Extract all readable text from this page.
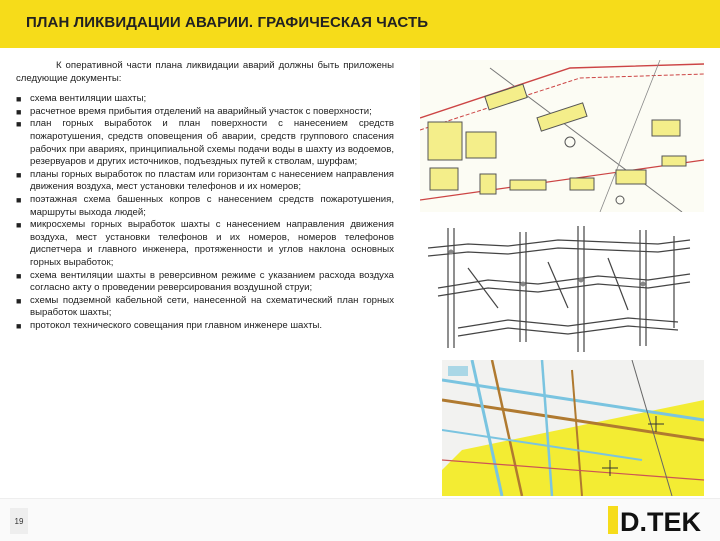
ПЛАН ЛИКВИДАЦИИ АВАРИИ. ГРАФИЧЕСКАЯ ЧАСТЬ

К оперативной части плана ликвидации аварий должны быть приложены следующие документы:

■ схема вентиляции шахты;
■ расчетное время прибытия отделений на аварийный участок с поверхности;
■ план горных выработок и план поверхности с нанесением средств пожаротушения, средств оповещения об аварии, средств группового спасения рабочих при авариях, принципиальной схемы подачи воды в шахту из водоемов, резервуаров и других источников, подъездных путей к стволам, шурфам;
■ планы горных выработок по пластам или горизонтам с нанесением направления движения воздуха, мест установки телефонов и их номеров;
■ поэтажная схема башенных копров с нанесением средств пожаротушения, маршруты выхода людей;
■ микросхемы горных выработок шахты с нанесением направления движения воздуха, мест установки телефонов и их номеров, номеров телефонов диспетчера и главного инженера, протяженности и углов наклона основных горных выработок;
■ схема вентиляции шахты в реверсивном режиме с указанием расхода воздуха согласно акту о проведении реверсирования воздушной струи;
■ схемы подземной кабельной сети, нанесенной на схематический план горных выработок шахты;
■ протокол технического совещания при главном инженере шахты.
19	D.TEK
